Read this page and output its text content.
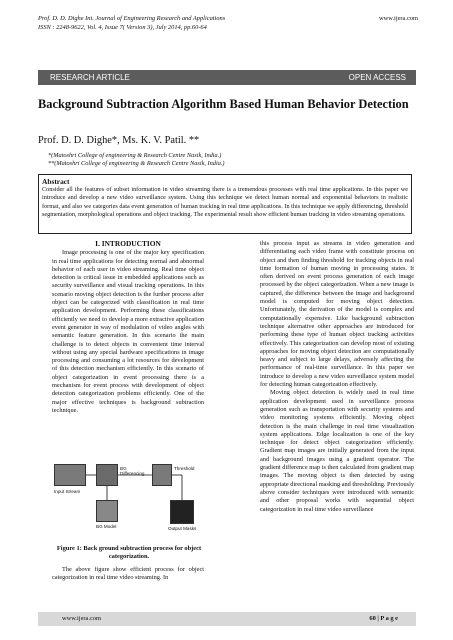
Prof. D. D. Dighe Int. Journal of Engineering Research and Applications
ISSN : 2248-9622, Vol. 4, Issue 7( Version 3), July 2014, pp.60-64
www.ijera.com
RESEARCH ARTICLE	OPEN ACCESS
Background Subtraction Algorithm Based Human Behavior Detection
Prof. D. D. Dighe*, Ms. K. V. Patil. **
*(Matoshri College of engineering & Research Centre Nasik, India.)
**(Matoshri College of engineering & Research Centre Nasik, India.)
Abstract

Consider all the features of subset information in video streaming there is a tremendous processes with real time applications. In this paper we introduce and develop a new video surveillance system. Using this technique we detect human normal and exponential behaviors in realistic format, and also we categories data event generation of human tracking in real time applications. In this technique we apply differencing, threshold segmentation, morphological operations and object tracking. The experimental result show efficient human tracking in video streaming operations.

I. INTRODUCTION

Image processing is one of the major key specification in real time applications for detecting normal and abnormal behavior of each user in video streaming. Real time object detection is critical issue in embedded applications such as security surveillance and visual tracking operations. In this scenario moving object detection is the further process after object can be categorized with classification in real time application development. Performing these classifications efficiently we need to develop a more extractive application event generator in way of modulation of video angles with semantic feature generation. In this scenario the main challenge is to detect objects in convenient time interval without using any special hardware specifications in image processing and consuming a lot resources for development of this detection mechanism efficiently. In this scenario of object categorization in event processing there is a mechanism for event process with development of object detection categorization problems efficiently. One of the major effective techniques is background subtraction technique.

BG
Differencing
Threshold
Input Stream
BG Model	Output Masks
Figure 1: Back ground subtraction process for object categorization.

The above figure show efficient process for object categorization in real time video streaming. In

this process input as streams in video generation and differentiating each video frame with constitute process on object and then finding threshold for tracking objects in real time formation of human moving in processing states. It often derived on event process generation of each image processed by the object categorization. When a new image is captured, the difference between the image and background model is computed for moving object detection. Unfortunately, the derivation of the model is complex and computationally expensive. Like background subtraction technique alternative other approaches are introduced for performing these type of human object tracking activities effectively. This categorization can develop most of existing approaches for moving object detection are computationally heavy and subject to large delays, adversely affecting the performance of real-time surveillance. In this paper we introduce to develop a new video surveillance system model for detecting human categorization effectively.

Moving object detection is widely used in real time application development used in surveillance process generation such as transportation with security systems and video monitoring systems efficiently. Moving object detection is the main challenge in real time visualization system applications. Edge localization is one of the key technique for detect object categorization efficiently. Gradient map images are initially generated from the input and background images using a gradient operator. The gradient difference map is then calculated from gradient map images. The moving object is then detected by using appropriate directional masking and thresholding. Previously above consider techniques were introduced with semantic and other proposal works with sequential object categorization in real time video surveillance

www.ijera.com	60 | P a g e
